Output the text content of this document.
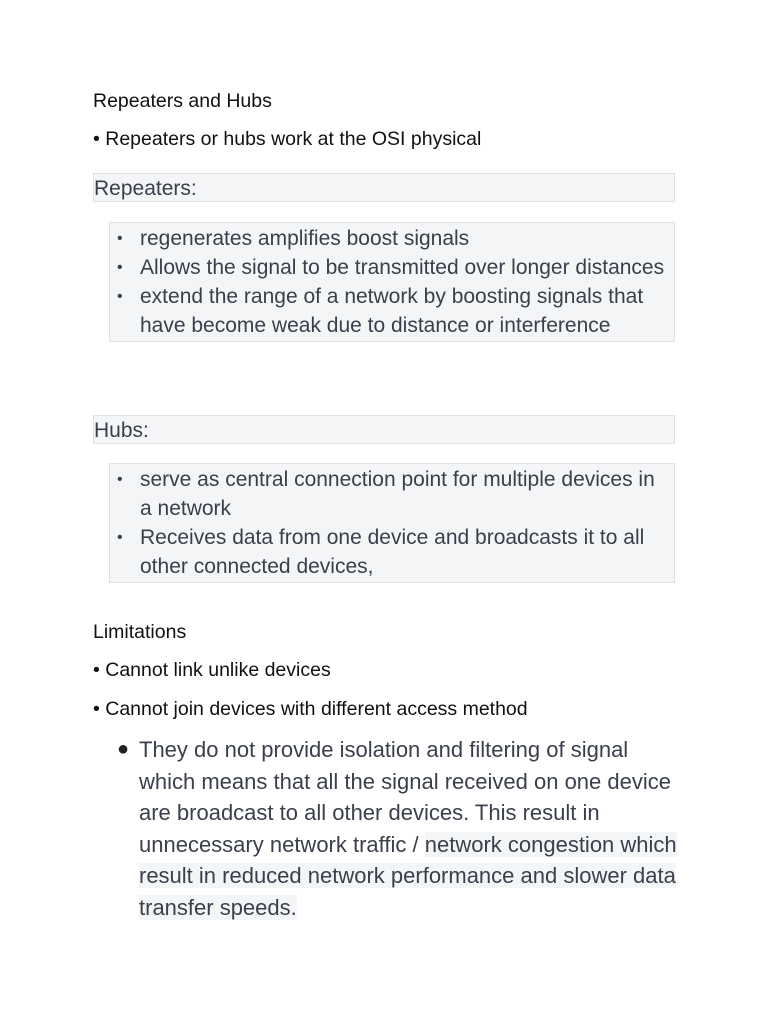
Repeaters and Hubs
• Repeaters or hubs work at the OSI physical
Repeaters:
• regenerates amplifies boost signals
• Allows the signal to be transmitted over longer distances
• extend the range of a network by boosting signals that have become weak due to distance or interference
Hubs:
• serve as central connection point for multiple devices in a network
• Receives data from one device and broadcasts it to all other connected devices,
Limitations
• Cannot link unlike devices
• Cannot join devices with different access method
● They do not provide isolation and filtering of signal which means that all the signal received on one device are broadcast to all other devices. This result in unnecessary network traffic / network congestion which result in reduced network performance and slower data transfer speeds.
